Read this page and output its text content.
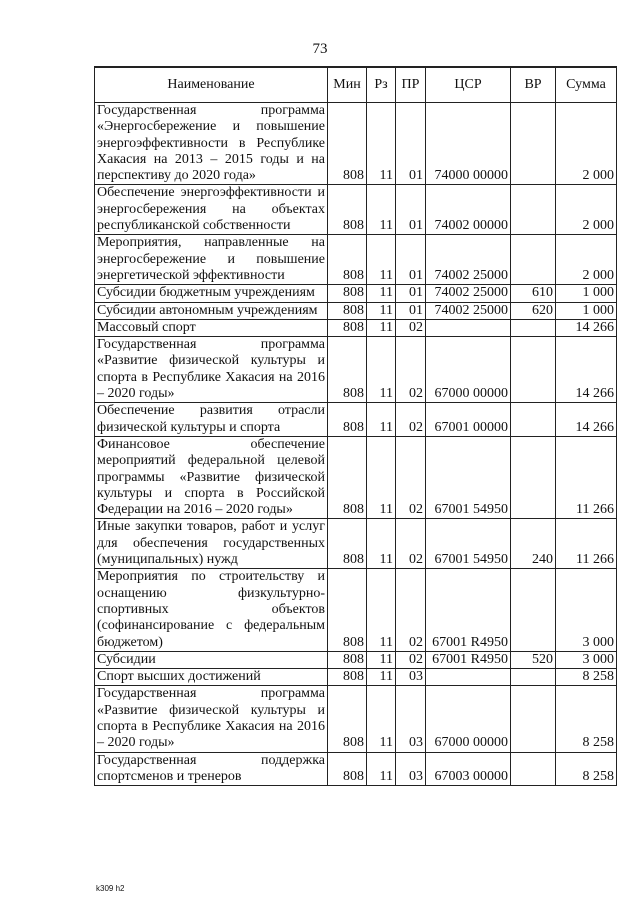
73
Наименование	Мин	Рз	ПР	ЦСР	ВР	Сумма
Государственная программа «Энергосбережение и повышение энергоэффективности в Республике Хакасия на 2013 – 2015 годы и на перспективу до 2020 года»	808	11	01	74000 00000		2 000
Обеспечение энергоэффективности и энергосбережения на объектах республиканской собственности	808	11	01	74002 00000		2 000
Мероприятия, направленные на энергосбережение и повышение энергетической эффективности	808	11	01	74002 25000		2 000
Субсидии бюджетным учреждениям	808	11	01	74002 25000	610	1 000
Субсидии автономным учреждениям	808	11	01	74002 25000	620	1 000
Массовый спорт	808	11	02			14 266
Государственная программа «Развитие физической культуры и спорта в Республике Хакасия на 2016 – 2020 годы»	808	11	02	67000 00000		14 266
Обеспечение развития отрасли физической культуры и спорта	808	11	02	67001 00000		14 266
Финансовое обеспечение мероприятий федеральной целевой программы «Развитие физической культуры и спорта в Российской Федерации на 2016 – 2020 годы»	808	11	02	67001 54950		11 266
Иные закупки товаров, работ и услуг для обеспечения государственных (муниципальных) нужд	808	11	02	67001 54950	240	11 266
Мероприятия по строительству и оснащению физкультурно-спортивных объектов (софинансирование с федеральным бюджетом)	808	11	02	67001 R4950		3 000
Субсидии	808	11	02	67001 R4950	520	3 000
Спорт высших достижений	808	11	03			8 258
Государственная программа «Развитие физической культуры и спорта в Республике Хакасия на 2016 – 2020 годы»	808	11	03	67000 00000		8 258
Государственная поддержка спортсменов и тренеров	808	11	03	67003 00000		8 258
k309 h2
